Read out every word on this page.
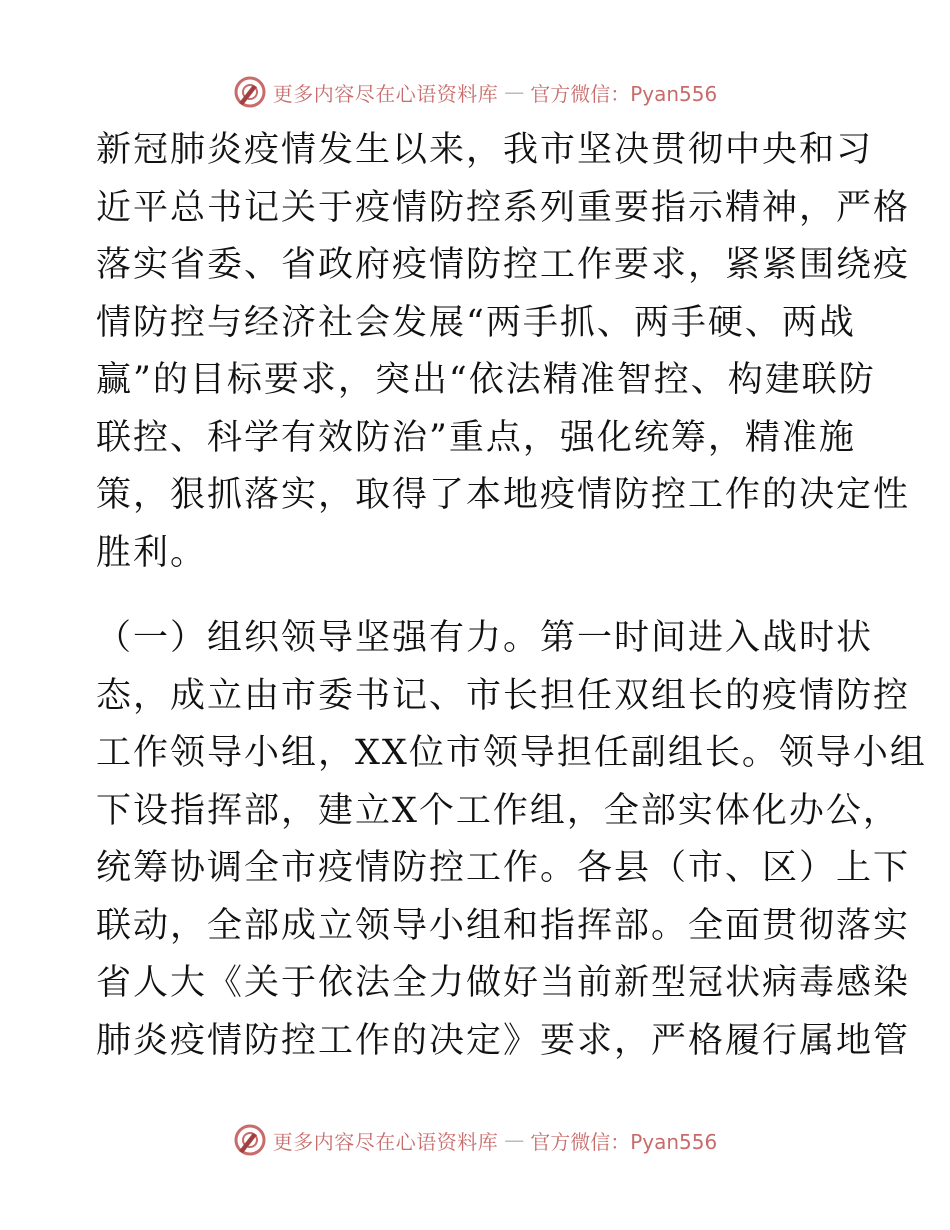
更多内容尽在心语资料库 — 官方微信：Pyan556
新冠肺炎疫情发生以来，我市坚决贯彻中央和习
近平总书记关于疫情防控系列重要指示精神，严格
落实省委、省政府疫情防控工作要求，紧紧围绕疫
情防控与经济社会发展“两手抓、两手硬、两战
赢”的目标要求，突出“依法精准智控、构建联防
联控、科学有效防治”重点，强化统筹，精准施
策，狠抓落实，取得了本地疫情防控工作的决定性
胜利。
（一）组织领导坚强有力。第一时间进入战时状
态，成立由市委书记、市长担任双组长的疫情防控
工作领导小组，XX位市领导担任副组长。领导小组
下设指挥部，建立X个工作组，全部实体化办公，
统筹协调全市疫情防控工作。各县（市、区）上下
联动，全部成立领导小组和指挥部。全面贯彻落实
省人大《关于依法全力做好当前新型冠状病毒感染
肺炎疫情防控工作的决定》要求，严格履行属地管
更多内容尽在心语资料库 — 官方微信：Pyan556
